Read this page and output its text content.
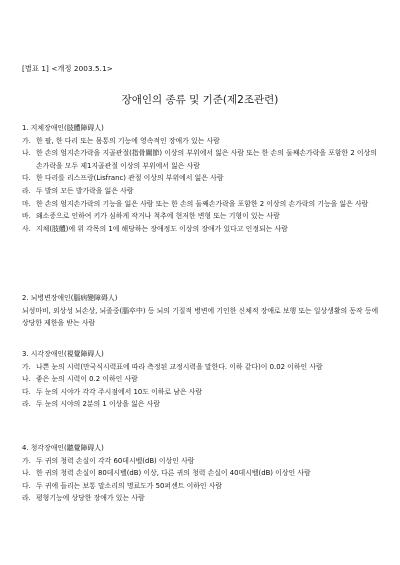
[별표 1] <개정 2003.5.1>
장애인의 종류 및 기준(제2조관련)
1. 지체장애인(肢體障碍人)
가. 한 팔, 한 다리 또는 몸통의 기능에 영속적인 장애가 있는 사람
나. 한 손의 엄지손가락을 지골관절(指骨關節) 이상의 부위에서 잃은 사람 또는 한 손의 둘째손가락을 포함한 2 이상의 손가락을 모두 제1지골관절 이상의 부위에서 잃은 사람
다. 한 다리를 리스프랑(Lisfranc) 관절 이상의 부위에서 잃은 사람
라. 두 발의 모든 발가락을 잃은 사람
마. 한 손의 엄지손가락의 기능을 잃은 사람 또는 한 손의 둘째손가락을 포함한 2 이상의 손가락의 기능을 잃은 사람
바. 왜소증으로 인하여 키가 심하게 작거나 척추에 현저한 변형 또는 기형이 있는 사람
사. 지체(肢體)에 위 각목의 1에 해당하는 장애정도 이상의 장애가 있다고 인정되는 사람
2. 뇌병변장애인(腦病變障碍人)
뇌성마비, 외상성 뇌손상, 뇌졸중(腦卒中) 등 뇌의 기질적 병변에 기인한 신체적 장애로 보행 또는 일상생활의 동작 등에 상당한 제한을 받는 사람
3. 시각장애인(視覺障碍人)
가. 나쁜 눈의 시력(만국식시력표에 따라 측정된 교정시력을 말한다. 이하 같다)이 0.02 이하인 사람
나. 좋은 눈의 시력이 0.2 이하인 사람
다. 두 눈의 시야가 각각 주시점에서 10도 이하로 남은 사람
라. 두 눈의 시야의 2분의 1 이상을 잃은 사람
4. 청각장애인(聽覺障碍人)
가. 두 귀의 청력 손실이 각각 60데시벨(dB) 이상인 사람
나. 한 귀의 청력 손실이 80데시벨(dB) 이상, 다른 귀의 청력 손실이 40데시벨(dB) 이상인 사람
다. 두 귀에 들리는 보통 말소리의 명료도가 50퍼센트 이하인 사람
라. 평형기능에 상당한 장애가 있는 사람
